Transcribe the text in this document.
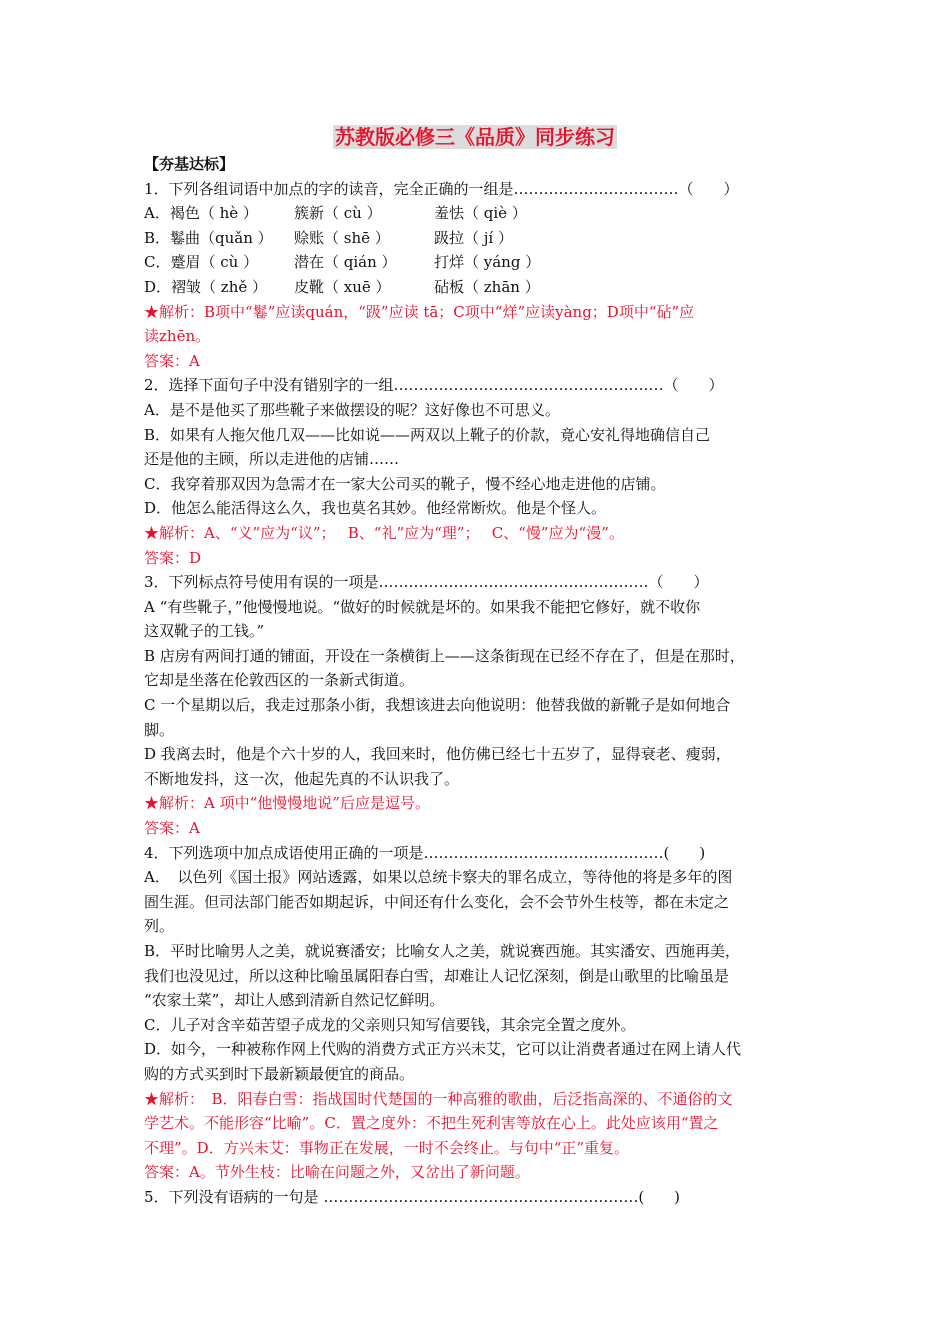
苏教版必修三《品质》同步练习

【夯基达标】

1．下列各组词语中加点的字的读音，完全正确的一组是……………………………（　　）

A．褐色（ hè ） 簇新（ cù ）	羞怯（ qiè ）

B．鬈曲（quǎn ） 赊账（ shē ）	趿拉（ jí ）

C．蹙眉（ cù ） 潜在（ qián ） 打烊（ yáng ）

D．褶皱（ zhě ） 皮靴（ xuē ）	砧板（ zhān ）

★解析：B项中“鬈”应读quán，“趿”应读 tā；C项中“烊”应读yàng；D项中“砧”应

读zhēn。

答案：A

2．选择下面句子中没有错别字的一组………………………………………………（　　）

A．是不是他买了那些靴子来做摆设的呢？这好像也不可思义。

B．如果有人拖欠他几双——比如说——两双以上靴子的价款，竟心安礼得地确信自己

还是他的主顾，所以走进他的店铺……

C．我穿着那双因为急需才在一家大公司买的靴子，慢不经心地走进他的店铺。

D．他怎么能活得这么久，我也莫名其妙。他经常断炊。他是个怪人。

★解析：A、“义”应为“议”；　 B、“礼”应为“理”；　 C、“慢”应为“漫”。

答案：D

3．下列标点符号使用有误的一项是………………………………………………（　　）

A “有些靴子，”他慢慢地说。“做好的时候就是坏的。如果我不能把它修好，就不收你

这双靴子的工钱。”

B 店房有两间打通的铺面，开设在一条横街上——这条街现在已经不存在了，但是在那时，

它却是坐落在伦敦西区的一条新式街道。

C 一个星期以后，我走过那条小街，我想该进去向他说明：他替我做的新靴子是如何地合

脚。

D 我离去时，他是个六十岁的人，我回来时，他仿佛已经七十五岁了，显得衰老、瘦弱，

不断地发抖，这一次，他起先真的不认识我了。

★解析：A 项中“他慢慢地说”后应是逗号。

答案：A

4．下列选项中加点成语使用正确的一项是…………………………………………(　　)

A．　以色列《国土报》网站透露，如果以总统卡察夫的罪名成立，等待他的将是多年的图

圄生涯。但司法部门能否如期起诉，中间还有什么变化，会不会节外生枝等，都在未定之

列。

B．平时比喻男人之美，就说赛潘安；比喻女人之美，就说赛西施。其实潘安、西施再美，

我们也没见过，所以这种比喻虽属阳春白雪，却难让人记忆深刻，倒是山歌里的比喻虽是

“农家土菜”，却让人感到清新自然记忆鲜明。

C．儿子对含辛茹苦望子成龙的父亲则只知写信要钱，其余完全置之度外。

D．如今，一种被称作网上代购的消费方式正方兴未艾，它可以让消费者通过在网上请人代

购的方式买到时下最新颖最便宜的商品。

★解析：　B．阳春白雪：指战国时代楚国的一种高雅的歌曲，后泛指高深的、不通俗的文

学艺术。不能形容“比喻”。C．置之度外：不把生死利害等放在心上。此处应该用“置之

不理”。D．方兴未艾：事物正在发展，一时不会终止。与句中“正”重复。

答案：A。节外生枝：比喻在问题之外，又岔出了新问题。

5．下列没有语病的一句是 ………………………………………………………(　　)
